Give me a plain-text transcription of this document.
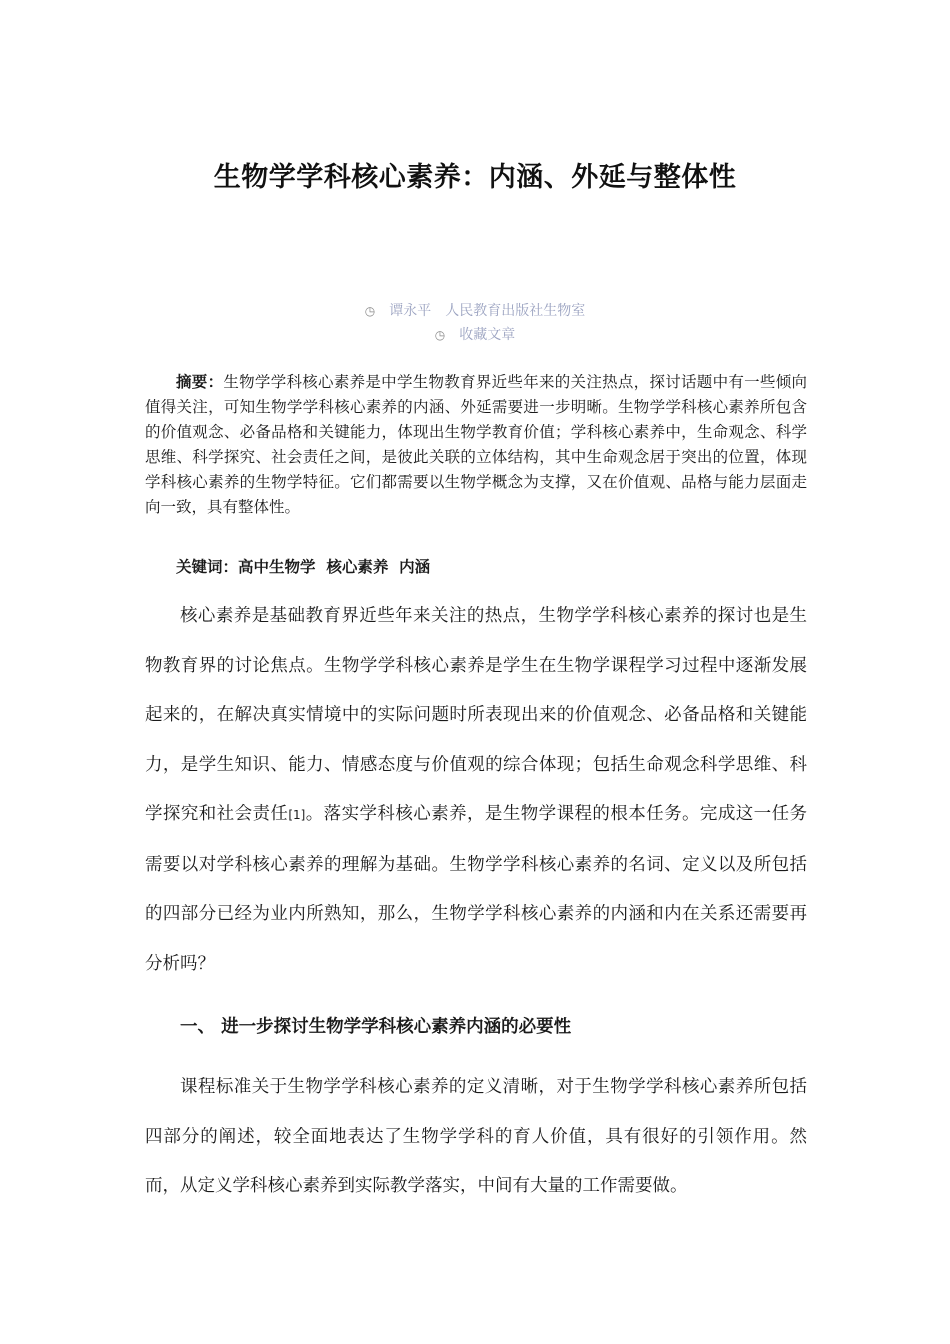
生物学学科核心素养：内涵、外延与整体性
◷ 谭永平 人民教育出版社生物室
◷ 收藏文章
摘要：生物学学科核心素养是中学生物教育界近些年来的关注热点，探讨话题中有一些倾向值得关注，可知生物学学科核心素养的内涵、外延需要进一步明晰。生物学学科核心素养所包含的价值观念、必备品格和关键能力，体现出生物学教育价值；学科核心素养中，生命观念、科学思维、科学探究、社会责任之间，是彼此关联的立体结构，其中生命观念居于突出的位置，体现学科核心素养的生物学特征。它们都需要以生物学概念为支撑，又在价值观、品格与能力层面走向一致，具有整体性。
关键词：高中生物学 核心素养 内涵
核心素养是基础教育界近些年来关注的热点，生物学学科核心素养的探讨也是生物教育界的讨论焦点。生物学学科核心素养是学生在生物学课程学习过程中逐渐发展起来的，在解决真实情境中的实际问题时所表现出来的价值观念、必备品格和关键能力，是学生知识、能力、情感态度与价值观的综合体现；包括生命观念科学思维、科学探究和社会责任[1]。落实学科核心素养，是生物学课程的根本任务。完成这一任务需要以对学科核心素养的理解为基础。生物学学科核心素养的名词、定义以及所包括的四部分已经为业内所熟知，那么，生物学学科核心素养的内涵和内在关系还需要再分析吗？
一、 进一步探讨生物学学科核心素养内涵的必要性
课程标准关于生物学学科核心素养的定义清晰，对于生物学学科核心素养所包括四部分的阐述，较全面地表达了生物学学科的育人价值，具有很好的引领作用。然而，从定义学科核心素养到实际教学落实，中间有大量的工作需要做。
